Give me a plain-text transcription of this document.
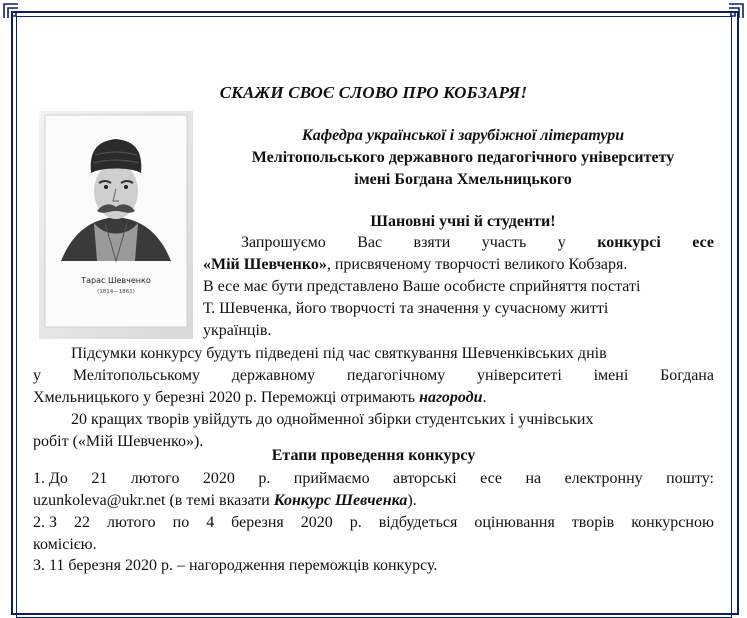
СКАЖИ СВОЄ СЛОВО ПРО КОБЗАРЯ!
Тарас Шевченко
(1814—1861)
Кафедра української і зарубіжної літератури
Мелітопольського державного педагогічного університету
імені Богдана Хмельницького
Шановні учні й студенти!
Запрошуємо Вас взяти участь у конкурсі есе
«Мій Шевченко», присвяченому творчості великого Кобзаря.
В есе має бути представлено Ваше особисте сприйняття постаті
Т. Шевченка, його творчості та значення у сучасному житті
українців.
Підсумки конкурсу будуть підведені під час святкування Шевченківських днів
у Мелітопольському державному педагогічному університеті імені Богдана
Хмельницького у березні 2020 р. Переможці отримають нагороди.
20 кращих творів увійдуть до однойменної збірки студентських і учнівських
робіт («Мій Шевченко»).
Етапи проведення конкурсу
1. До 21 лютого 2020 р. приймаємо авторські есе на електронну пошту:
uzunkoleva@ukr.net (в темі вказати Конкурс Шевченка).
2. З 22 лютого по 4 березня 2020 р. відбудеться оцінювання творів конкурсною
комісією.
3. 11 березня 2020 р. – нагородження переможців конкурсу.
